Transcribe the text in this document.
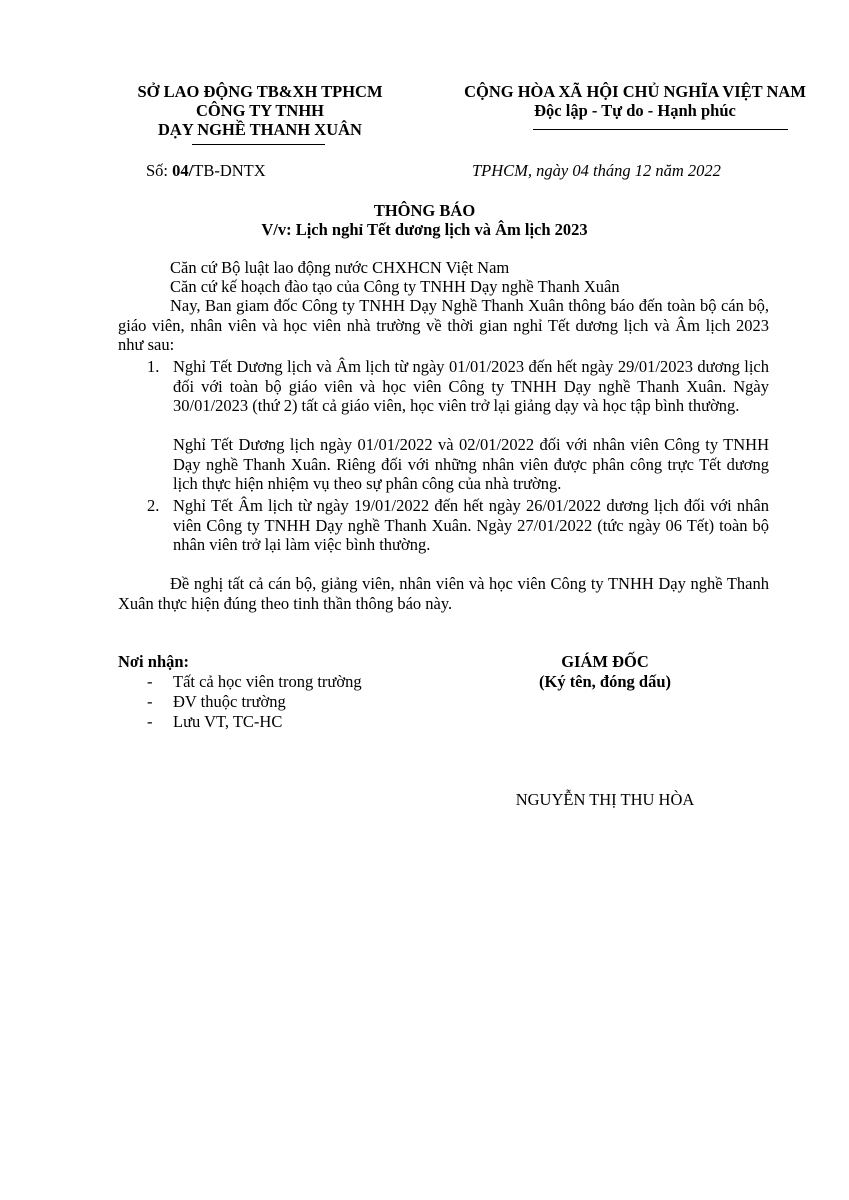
SỞ LAO ĐỘNG TB&XH TPHCM
CÔNG TY TNHH
DẠY NGHỀ THANH XUÂN
CỘNG HÒA XÃ HỘI CHỦ NGHĨA VIỆT NAM
Độc lập - Tự do - Hạnh phúc
Số: 04/TB-DNTX	TPHCM, ngày 04 tháng 12 năm 2022
THÔNG BÁO
V/v: Lịch nghỉ Tết dương lịch và Âm lịch 2023
Căn cứ Bộ luật lao động nước CHXHCN Việt Nam
Căn cứ kế hoạch đào tạo của Công ty TNHH Dạy nghề Thanh Xuân
Nay, Ban giam đốc Công ty TNHH Dạy Nghề Thanh Xuân thông báo đến toàn bộ cán bộ, giáo viên, nhân viên và học viên nhà trường về thời gian nghỉ Tết dương lịch và Âm lịch 2023 như sau:
1. Nghỉ Tết Dương lịch và Âm lịch từ ngày 01/01/2023 đến hết ngày 29/01/2023 dương lịch đối với toàn bộ giáo viên và học viên Công ty TNHH Dạy nghề Thanh Xuân. Ngày 30/01/2023 (thứ 2) tất cả giáo viên, học viên trở lại giảng dạy và học tập bình thường.
Nghỉ Tết Dương lịch ngày 01/01/2022 và 02/01/2022 đối với nhân viên Công ty TNHH Dạy nghề Thanh Xuân. Riêng đối với những nhân viên được phân công trực Tết dương lịch thực hiện nhiệm vụ theo sự phân công của nhà trường.
2. Nghỉ Tết Âm lịch từ ngày 19/01/2022 đến hết ngày 26/01/2022 dương lịch đối với nhân viên Công ty TNHH Dạy nghề Thanh Xuân. Ngày 27/01/2022 (tức ngày 06 Tết) toàn bộ nhân viên trở lại làm việc bình thường.
Đề nghị tất cả cán bộ, giảng viên, nhân viên và học viên Công ty TNHH Dạy nghề Thanh Xuân thực hiện đúng theo tinh thần thông báo này.
Nơi nhận:
- Tất cả học viên trong trường
- ĐV thuộc trường
- Lưu VT, TC-HC
GIÁM ĐỐC
(Ký tên, đóng dấu)
NGUYỄN THỊ THU HÒA
